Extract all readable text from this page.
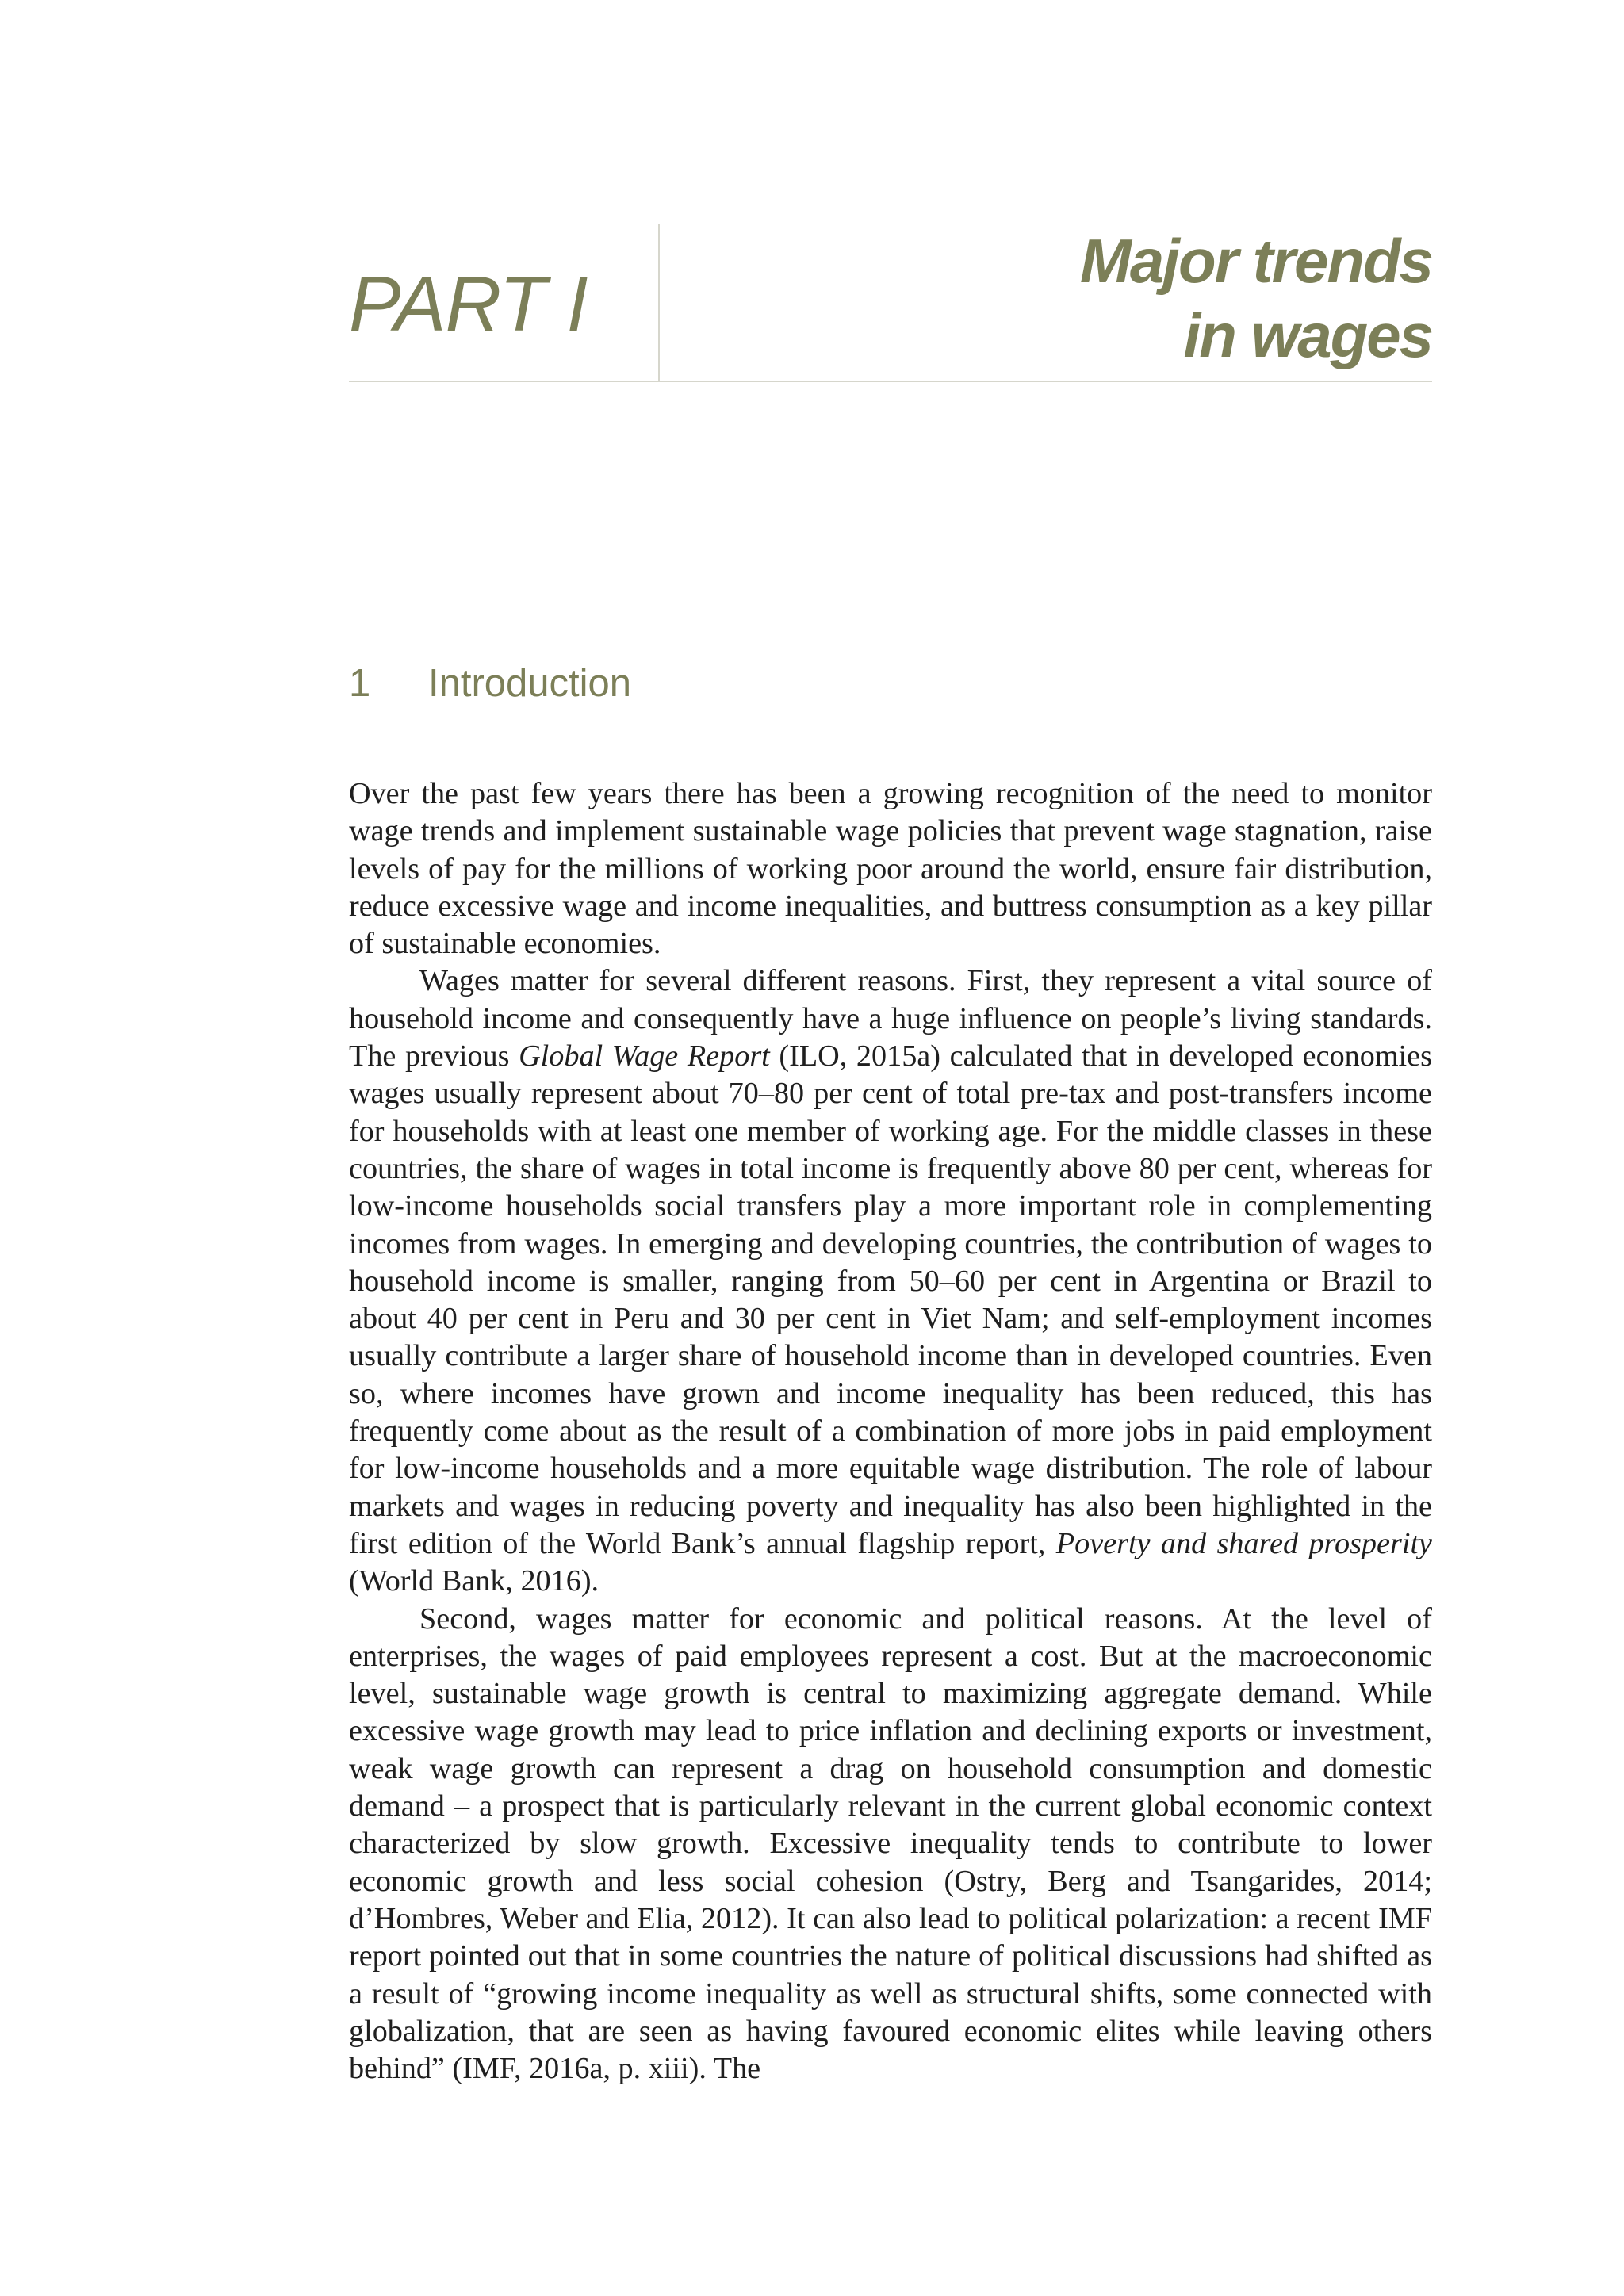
PART I	Major trends
in wages
1 Introduction

Over the past few years there has been a growing recognition of the need to monitor wage trends and implement sustainable wage policies that prevent wage stagnation, raise levels of pay for the millions of working poor around the world, ensure fair distribution, reduce excessive wage and income inequalities, and buttress consumption as a key pillar of sustainable economies.

Wages matter for several different reasons. First, they represent a vital source of household income and consequently have a huge influence on people’s living standards. The previous Global Wage Report (ILO, 2015a) calculated that in developed economies wages usually represent about 70–80 per cent of total pre-tax and post-transfers income for households with at least one member of working age. For the middle classes in these countries, the share of wages in total income is frequently above 80 per cent, whereas for low-income households social transfers play a more important role in complementing incomes from wages. In emerging and developing countries, the contribution of wages to household income is smaller, ranging from 50–60 per cent in Argentina or Brazil to about 40 per cent in Peru and 30 per cent in Viet Nam; and self-employment incomes usually contribute a larger share of household income than in developed countries. Even so, where incomes have grown and income inequality has been reduced, this has frequently come about as the result of a combination of more jobs in paid employment for low-income households and a more equitable wage distribution. The role of labour markets and wages in reducing poverty and inequality has also been highlighted in the first edition of the World Bank’s annual flagship report, Poverty and shared prosperity (World Bank, 2016).

Second, wages matter for economic and political reasons. At the level of enterprises, the wages of paid employees represent a cost. But at the macroeconomic level, sustainable wage growth is central to maximizing aggregate demand. While excessive wage growth may lead to price inflation and declining exports or investment, weak wage growth can represent a drag on household consumption and domestic demand – a prospect that is particularly relevant in the current global economic context characterized by slow growth. Excessive inequality tends to contribute to lower economic growth and less social cohesion (Ostry, Berg and Tsangarides, 2014; d’Hombres, Weber and Elia, 2012). It can also lead to political polarization: a recent IMF report pointed out that in some countries the nature of political discussions had shifted as a result of “growing income inequality as well as structural shifts, some connected with globalization, that are seen as having favoured economic elites while leaving others behind” (IMF, 2016a, p. xiii). The
